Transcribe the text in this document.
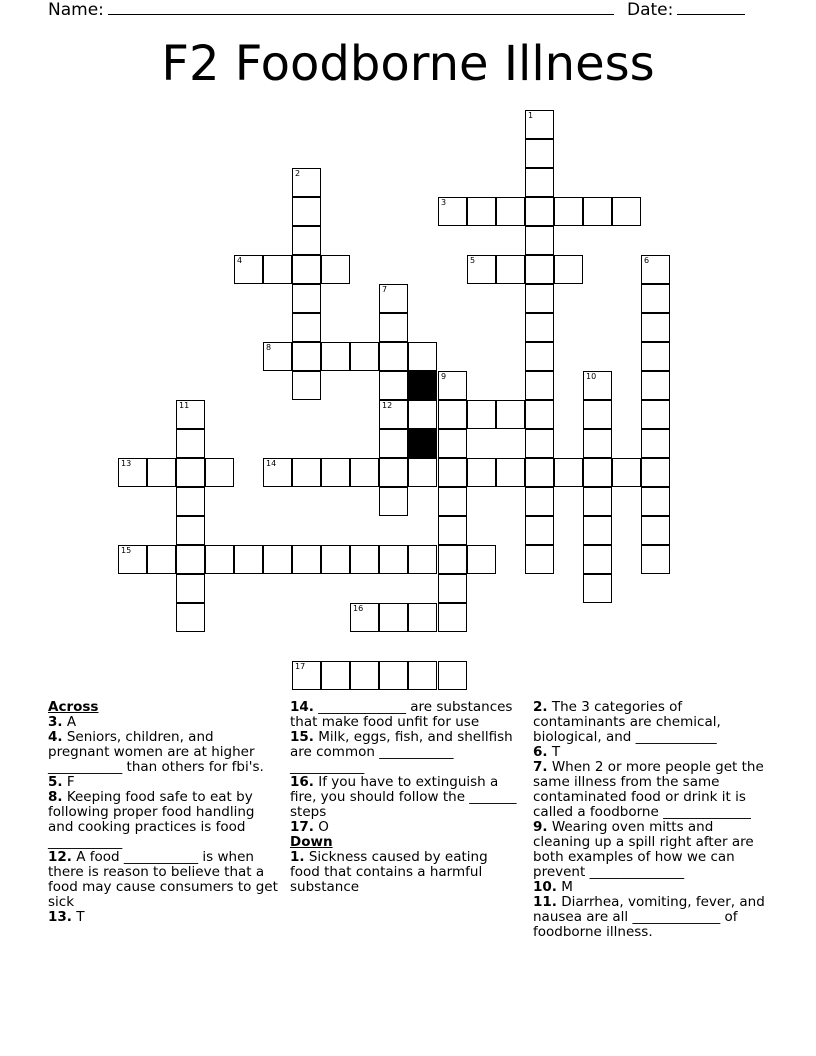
Name:	Date:
F2 Foodborne Illness
1
3
2
4	5	6
7
8
9	10
11	12
13	14
15
16
17
Across
3. A
4. Seniors, children, and pregnant women are at higher ___________ than others for fbi's.
5. F
8. Keeping food safe to eat by following proper food handling and cooking practices is food ___________
12. A food ___________ is when there is reason to believe that a food may cause consumers to get sick
13. T
14. _____________ are substances that make food unfit for use
15. Milk, eggs, fish, and shellfish are common ___________ ___________
16. If you have to extinguish a fire, you should follow the _______ steps
17. O
Down
1. Sickness caused by eating food that contains a harmful substance
2. The 3 categories of contaminants are chemical, biological, and ____________
6. T
7. When 2 or more people get the same illness from the same contaminated food or drink it is called a foodborne _____________
9. Wearing oven mitts and cleaning up a spill right after are both examples of how we can prevent ______________
10. M
11. Diarrhea, vomiting, fever, and nausea are all _____________ of foodborne illness.
